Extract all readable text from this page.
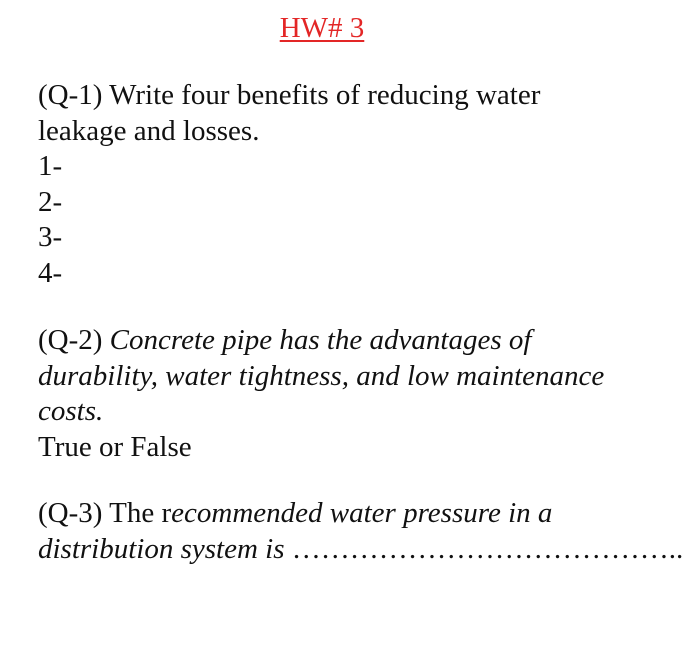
HW# 3
(Q-1) Write four benefits of reducing water
leakage and losses.
1-
2-
3-
4-
(Q-2) Concrete pipe has the advantages of
durability, water tightness, and low maintenance
costs.
True or False
(Q-3) The recommended water pressure in a
distribution system is …………………………………..
